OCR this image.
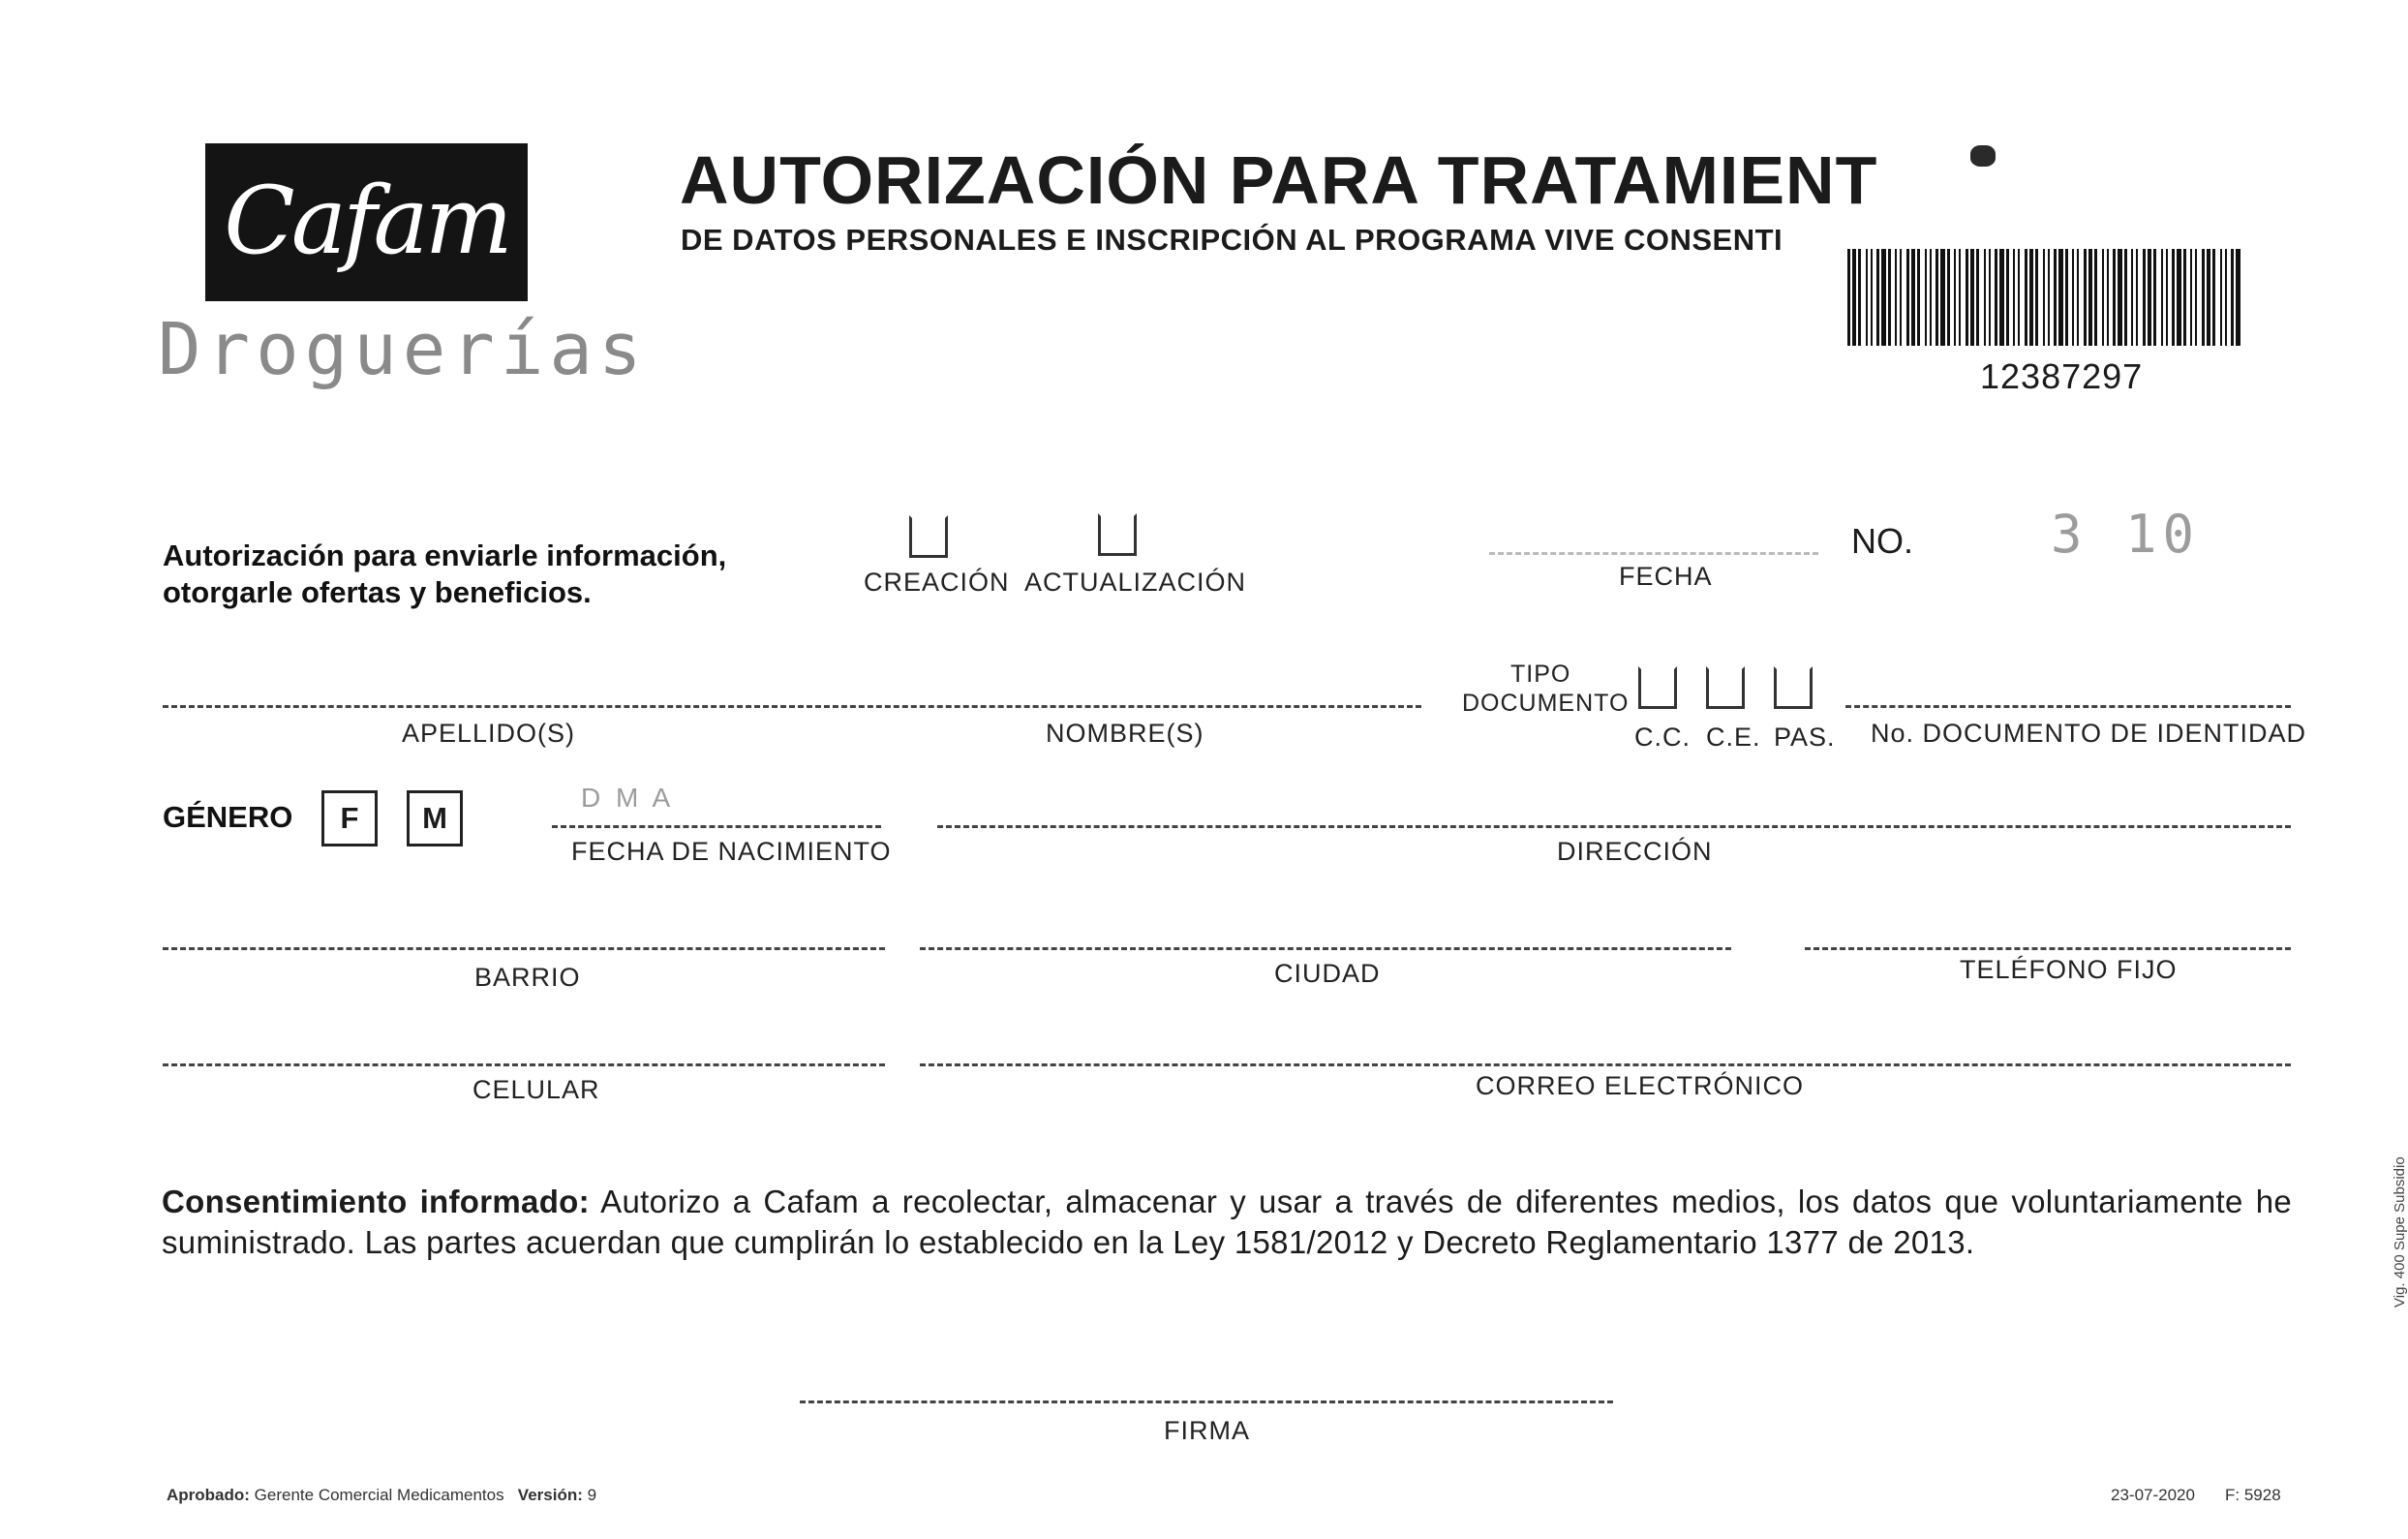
Cafam
Droguerías
AUTORIZACIÓN PARA TRATAMIENT
DE DATOS PERSONALES E INSCRIPCIÓN AL PROGRAMA VIVE CONSENTI
12387297
Autorización para enviarle información,
otorgarle ofertas y beneficios.	CREACIÓN ACTUALIZACIÓN	FECHA
NO.	3 10
APELLIDO(S)	NOMBRE(S)
TIPO
DOCUMENTO
C.C. C.E. PAS. No. DOCUMENTO DE IDENTIDAD
GÉNERO	F	M
D M A
FECHA DE NACIMIENTO	DIRECCIÓN
BARRIO	CIUDAD	TELÉFONO FIJO
CELULAR	CORREO ELECTRÓNICO
Consentimiento informado: Autorizo a Cafam a recolectar, almacenar y usar a través de diferentes medios, los datos que voluntariamente he suministrado. Las partes acuerdan que cumplirán lo establecido en la Ley 1581/2012 y Decreto Reglamentario 1377 de 2013.
FIRMA
Aprobado: Gerente Comercial Medicamentos Versión: 9	23-07-2020 F: 5928
Vig. 400 Supe Subsidio
